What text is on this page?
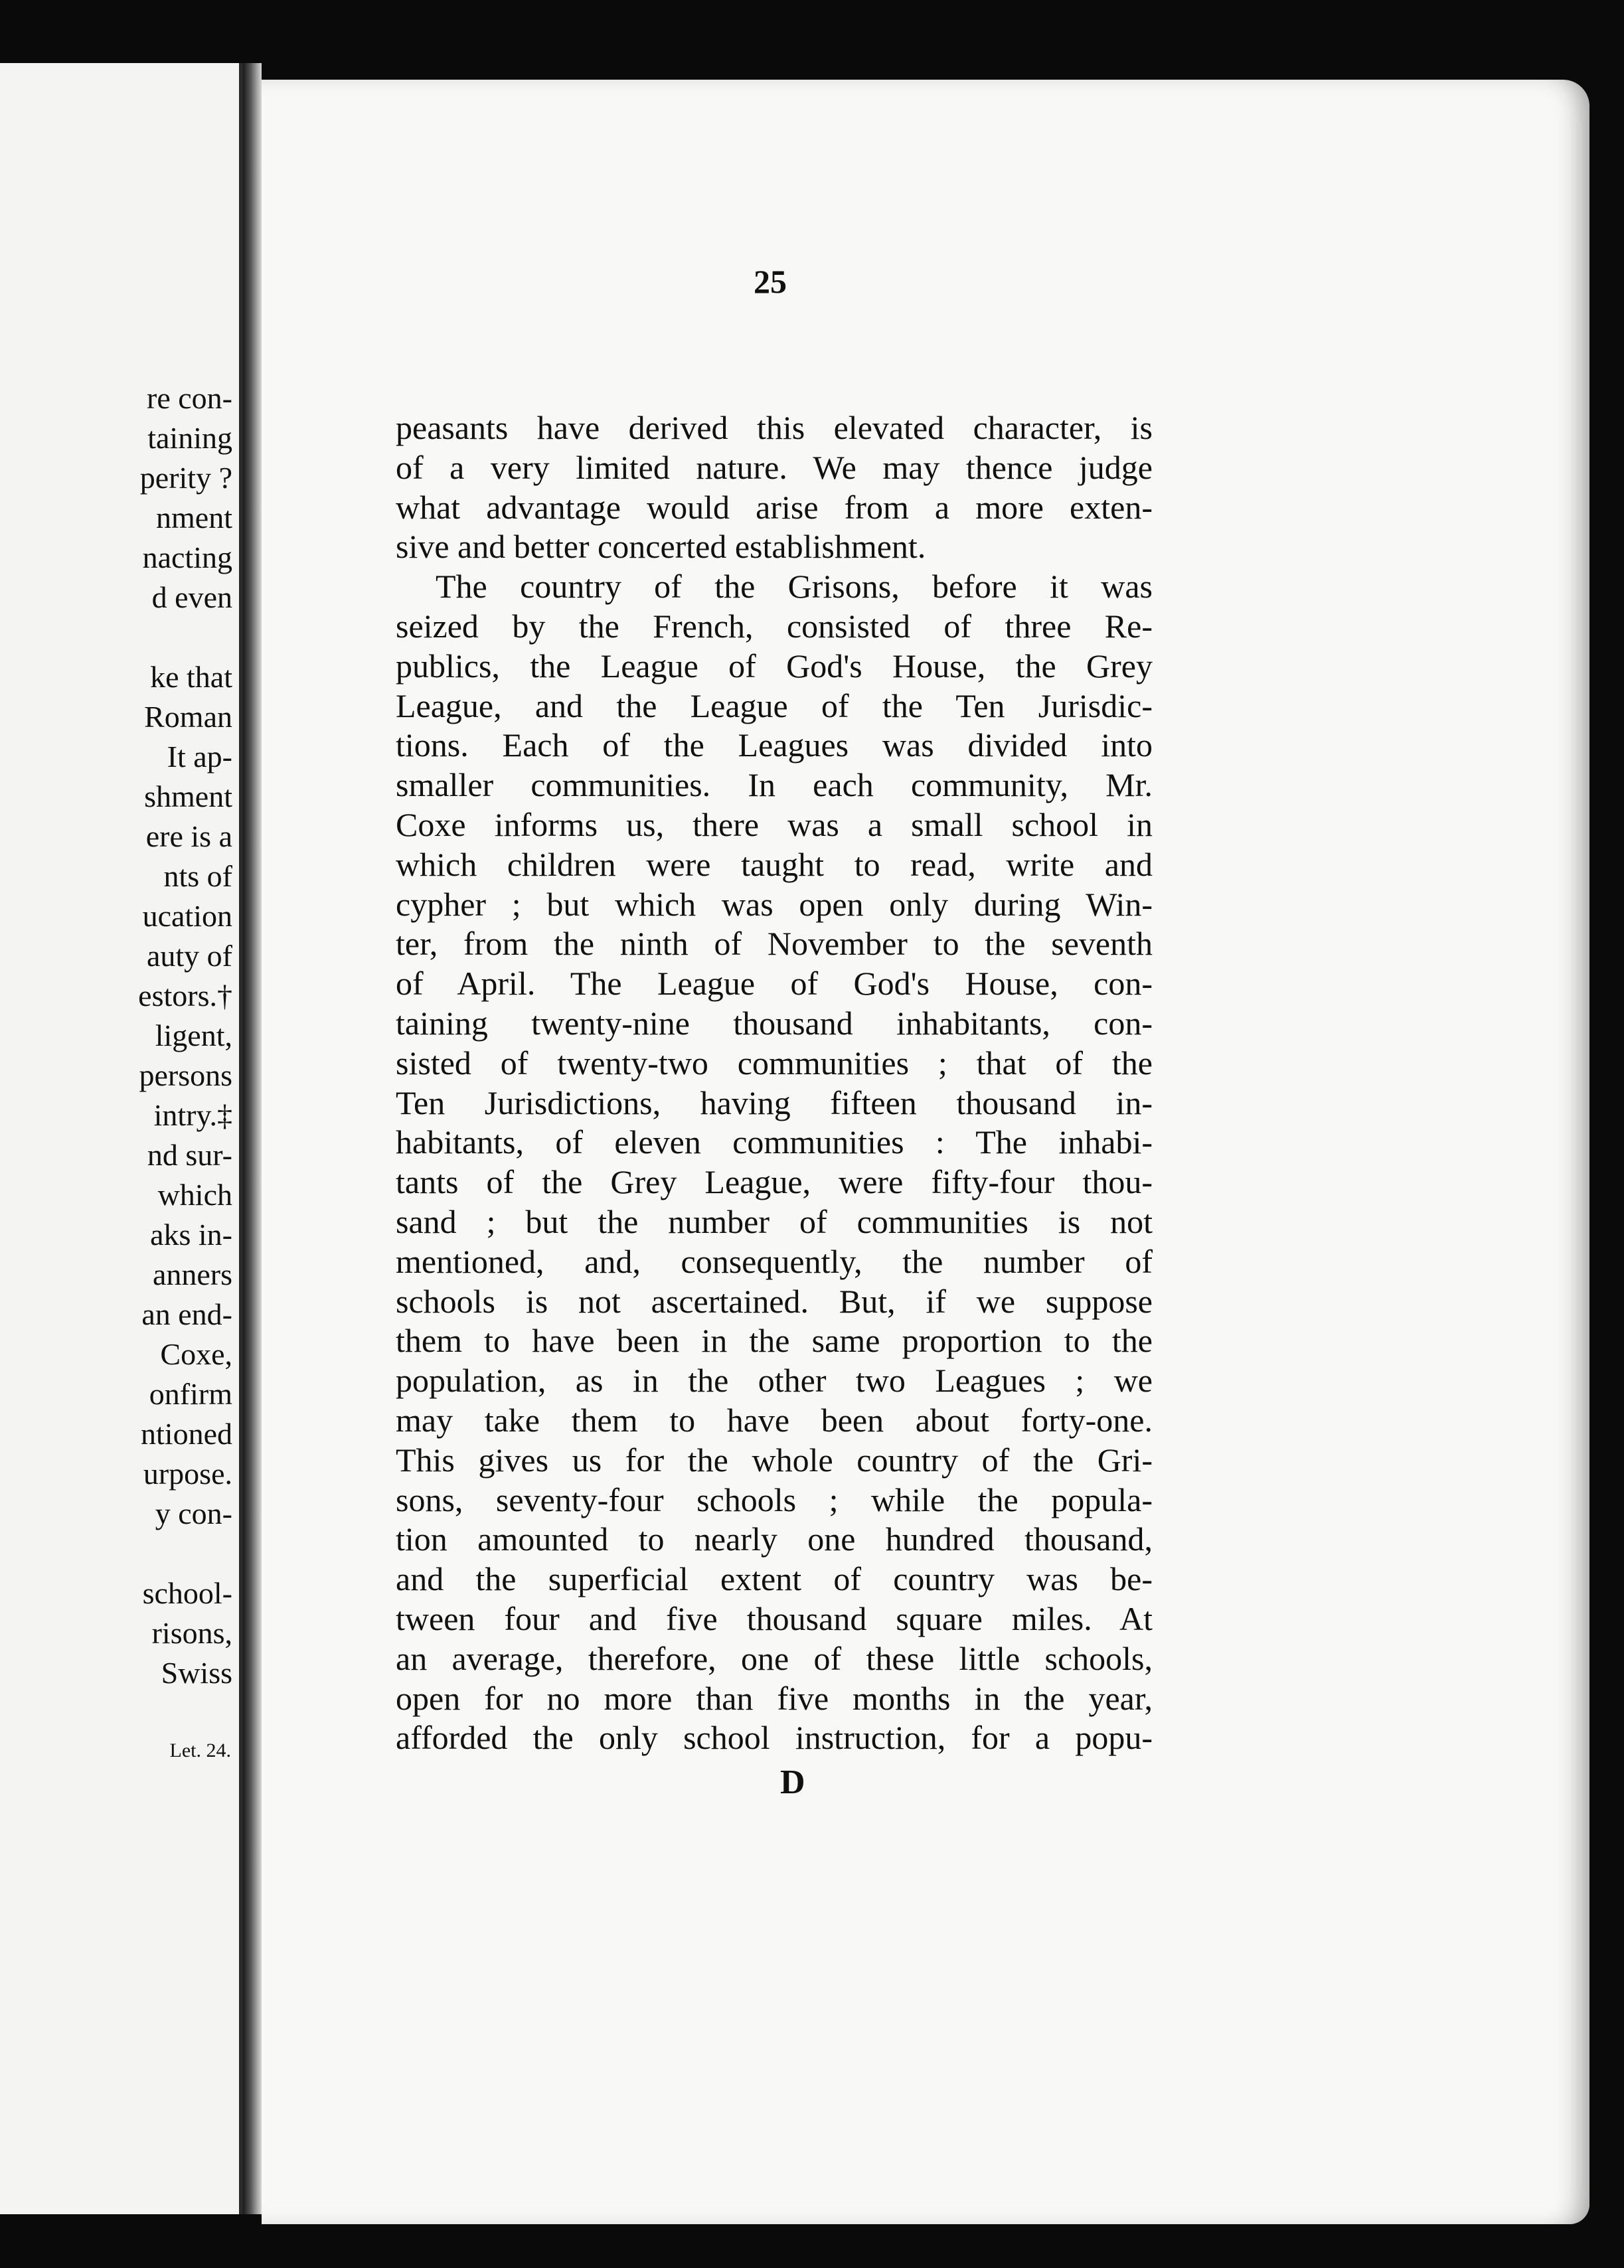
Let. 24.
re con-
taining
perity ?
nment
nacting
d even
ke that
Roman
It ap-
shment
ere is a
nts of
ucation
auty of
estors.†
ligent,
persons
intry.‡
nd sur-
which
aks in-
anners
an end-
Coxe,
onfirm
ntioned
urpose.
y con-
school-
risons,
Swiss
25
peasants have derived this elevated character, is
of a very limited nature. We may thence judge
what advantage would arise from a more exten-
sive and better concerted establishment.
The country of the Grisons, before it was
seized by the French, consisted of three Re-
publics, the League of God's House, the Grey
League, and the League of the Ten Jurisdic-
tions. Each of the Leagues was divided into
smaller communities. In each community, Mr.
Coxe informs us, there was a small school in
which children were taught to read, write and
cypher ; but which was open only during Win-
ter, from the ninth of November to the seventh
of April. The League of God's House, con-
taining twenty-nine thousand inhabitants, con-
sisted of twenty-two communities ; that of the
Ten Jurisdictions, having fifteen thousand in-
habitants, of eleven communities : The inhabi-
tants of the Grey League, were fifty-four thou-
sand ; but the number of communities is not
mentioned, and, consequently, the number of
schools is not ascertained. But, if we suppose
them to have been in the same proportion to the
population, as in the other two Leagues ; we
may take them to have been about forty-one.
This gives us for the whole country of the Gri-
sons, seventy-four schools ; while the popula-
tion amounted to nearly one hundred thousand,
and the superficial extent of country was be-
tween four and five thousand square miles. At
an average, therefore, one of these little schools,
open for no more than five months in the year,
afforded the only school instruction, for a popu-

D
